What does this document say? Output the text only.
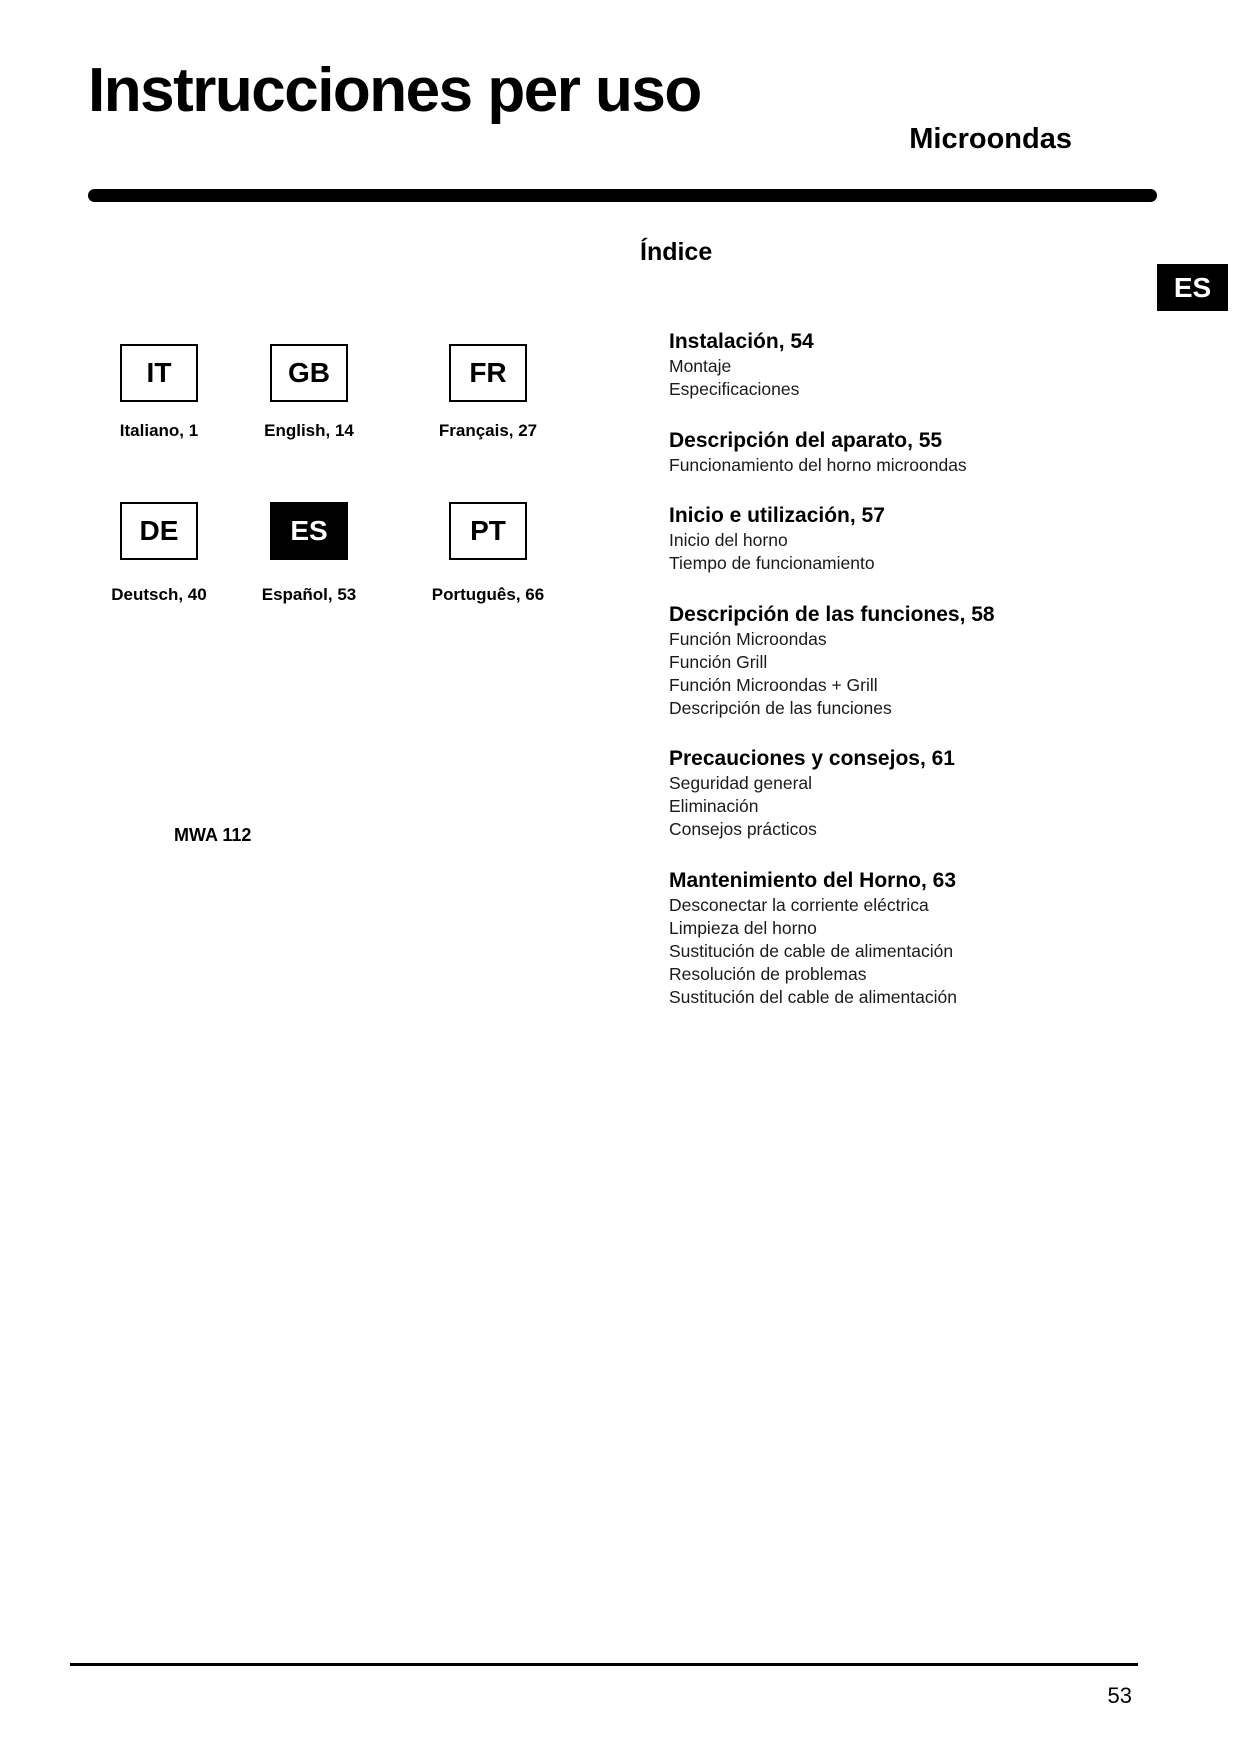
Instrucciones per uso
Microondas
Índice
ES
IT
Italiano, 1
GB
English, 14
FR
Français, 27
DE
Deutsch, 40
ES
Español, 53
PT
Português, 66
MWA 112
Instalación, 54
Montaje
Especificaciones
Descripción del aparato, 55
Funcionamiento del horno microondas
Inicio e utilización, 57
Inicio del horno
Tiempo de funcionamiento
Descripción de las funciones, 58
Función Microondas
Función Grill
Función Microondas + Grill
Descripción de las funciones
Precauciones y consejos, 61
Seguridad general
Eliminación
Consejos prácticos
Mantenimiento del Horno, 63
Desconectar la corriente eléctrica
Limpieza del horno
Sustitución de cable de alimentación
Resolución de problemas
Sustitución del cable de alimentación
53
